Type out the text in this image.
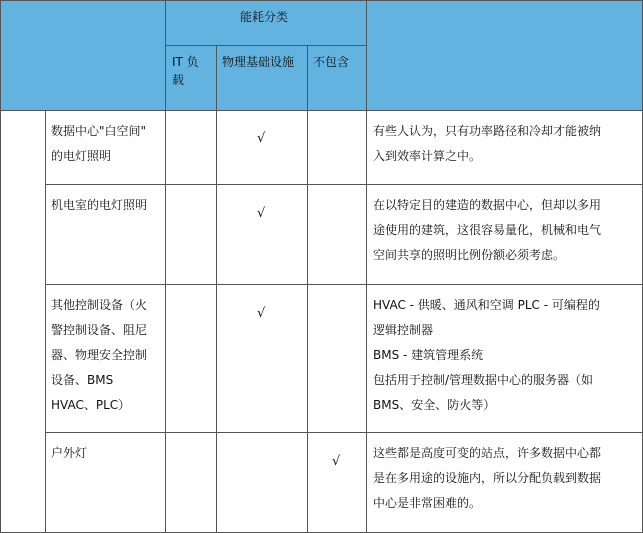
能耗分类
IT 负
载
物理基础设施 不包含
数据中心"白空间"
的电灯照明
√	有些人认为，只有功率路径和冷却才能被纳
入到效率计算之中。
机电室的电灯照明
√
在以特定目的建造的数据中心，但却以多用
途使用的建筑，这很容易量化，机械和电气
空间共享的照明比例份额必须考虑。
其他控制设备（火
警控制设备、阻尼
器、物理安全控制
设备、BMS
HVAC、PLC）
√
HVAC - 供暖、通风和空调 PLC - 可编程的
逻辑控制器
BMS - 建筑管理系统
包括用于控制/管理数据中心的服务器（如
BMS、安全、防火等）
户外灯
√
这些都是高度可变的站点，许多数据中心都
是在多用途的设施内，所以分配负载到数据
中心是非常困难的。
